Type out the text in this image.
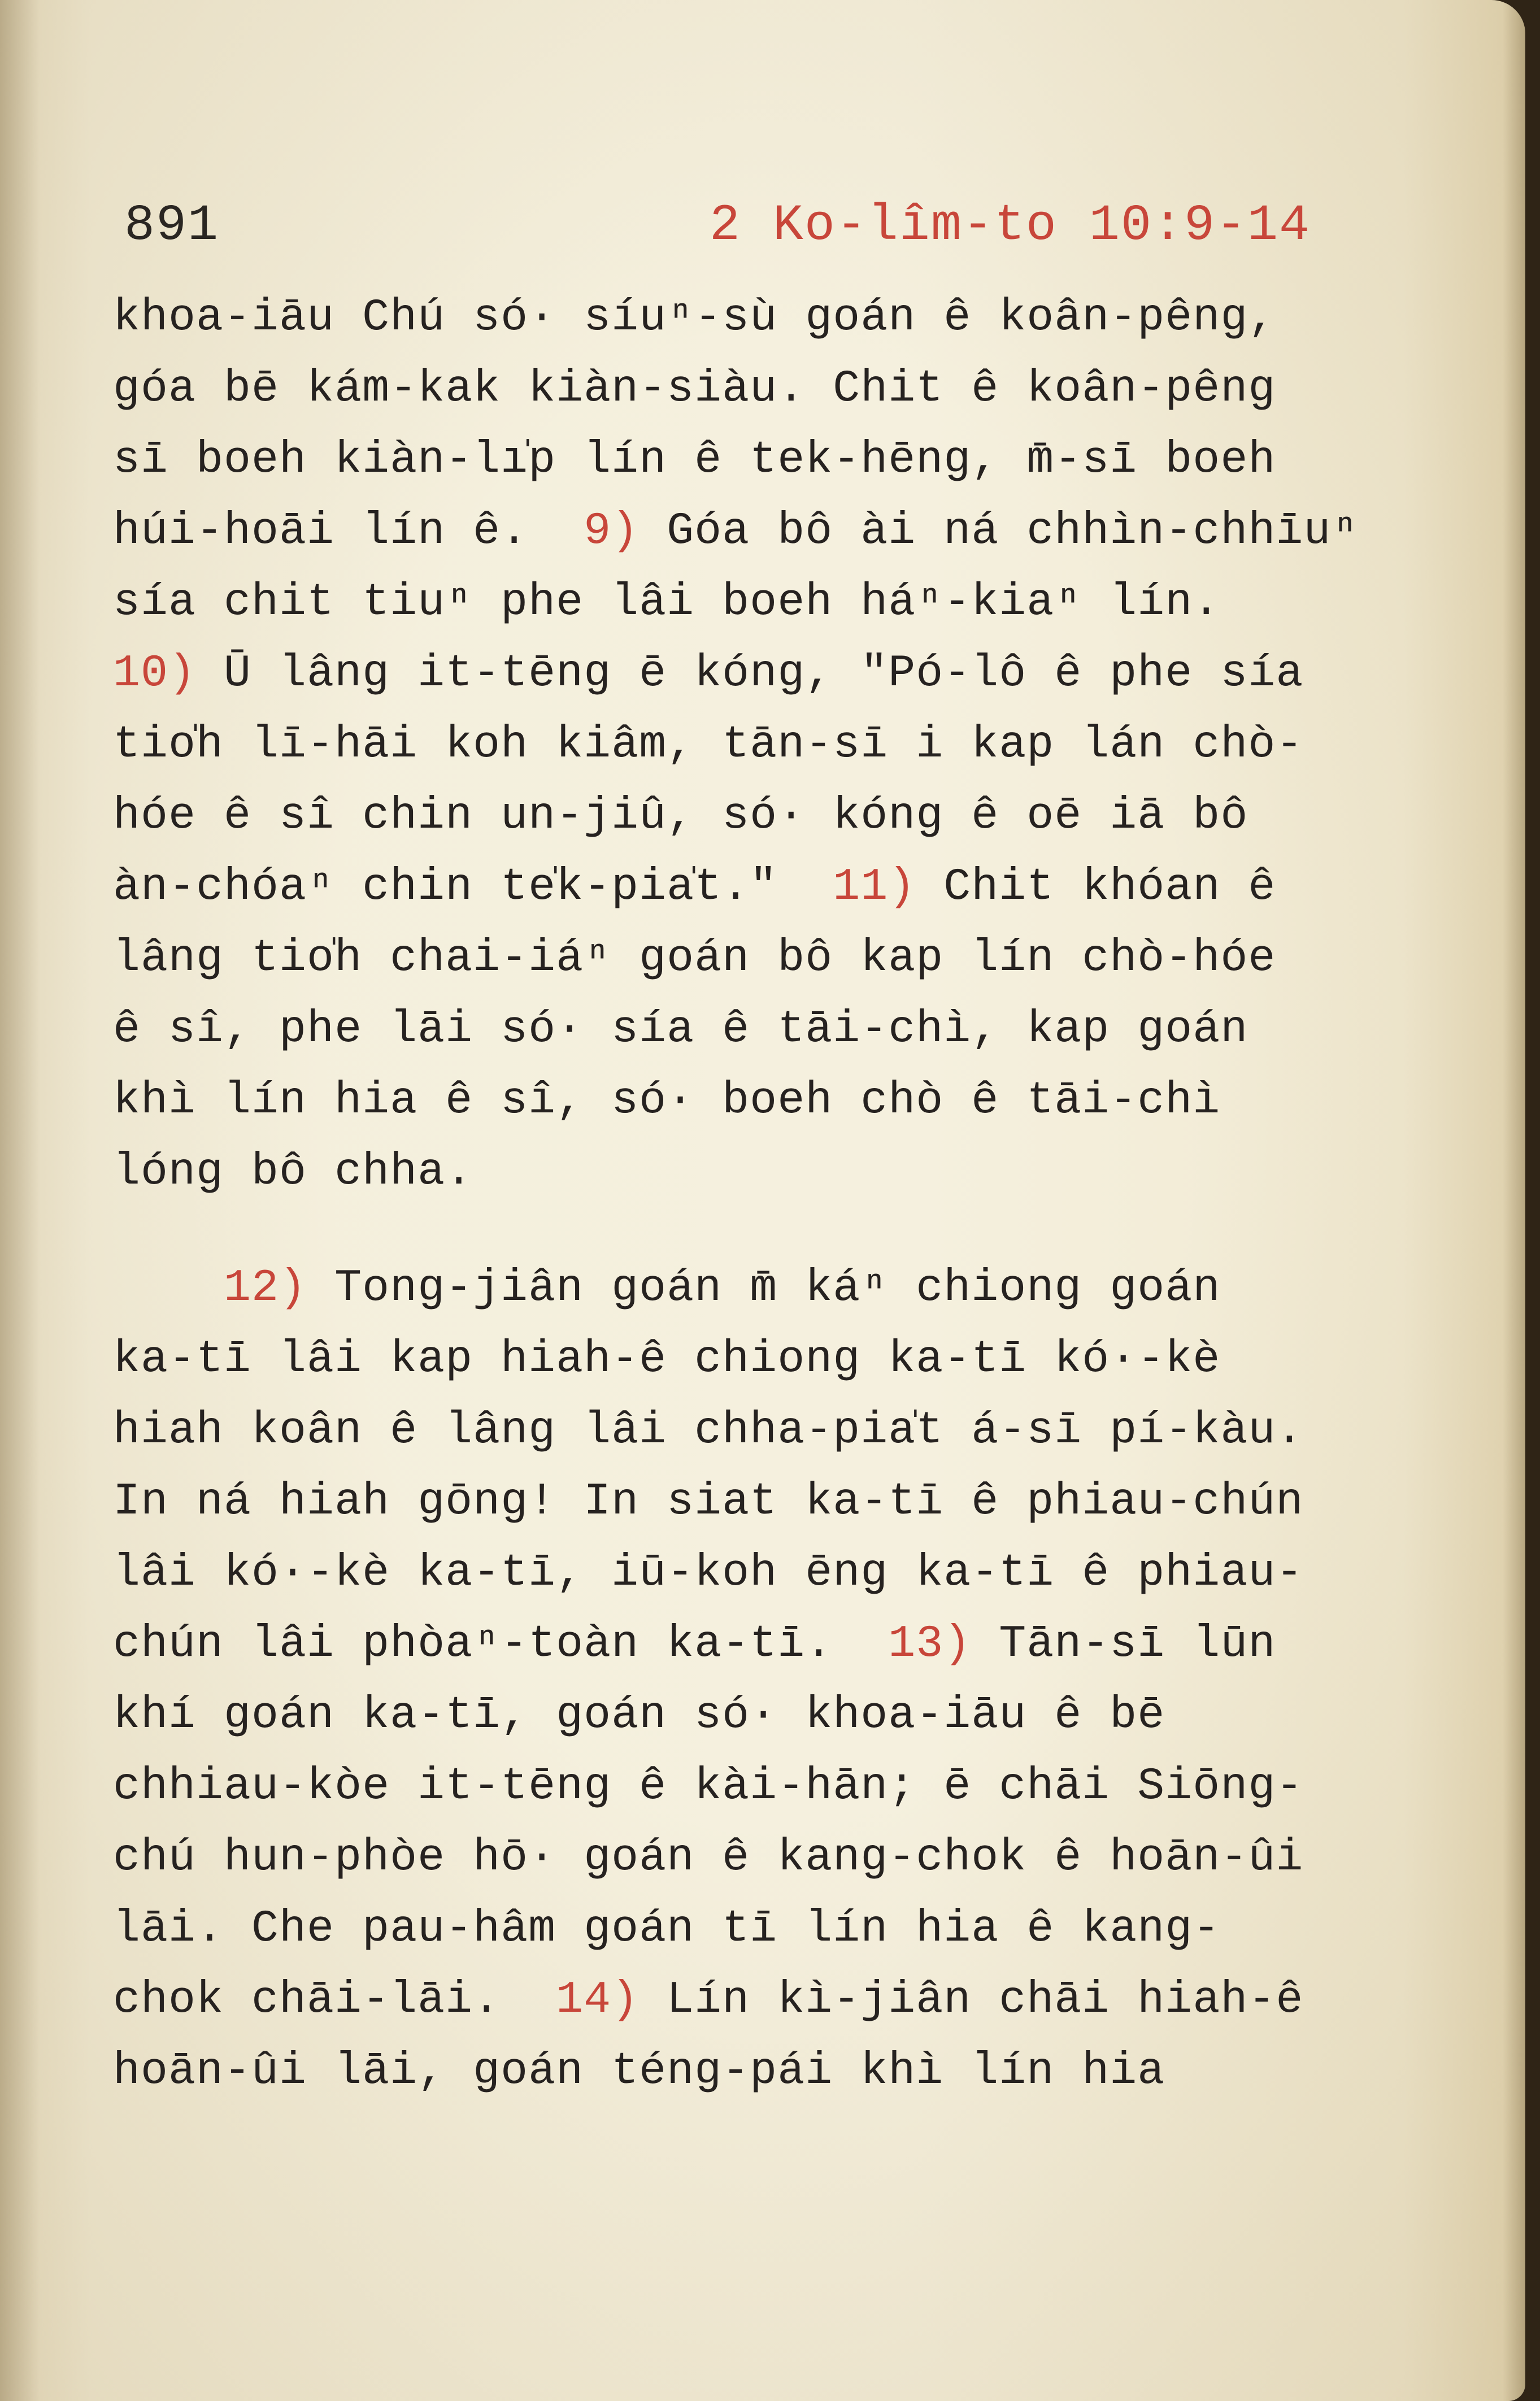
891	2 Ko-lîm-to 10:9-14
khoa-iāu Chú só· síuⁿ-sù goán ê koân-pêng,
góa bē kám-kak kiàn-siàu. Chit ê koân-pêng
sī boeh kiàn-lı̍p lín ê tek-hēng, m̄-sī boeh
húi-hoāi lín ê.  9) Góa bô ài ná chhìn-chhīuⁿ
sía chit tiuⁿ phe lâi boeh háⁿ-kiaⁿ lín.
10) Ū lâng it-tēng ē kóng, "Pó-lô ê phe sía
tio̍h lī-hāi koh kiâm, tān-sī i kap lán chò-
hóe ê sî chin un-jiû, só· kóng ê oē iā bô
àn-chóaⁿ chin te̍k-pia̍t."  11) Chit khóan ê
lâng tio̍h chai-iáⁿ goán bô kap lín chò-hóe
ê sî, phe lāi só· sía ê tāi-chì, kap goán
khì lín hia ê sî, só· boeh chò ê tāi-chì
lóng bô chha.
12) Tong-jiân goán m̄ káⁿ chiong goán
ka-tī lâi kap hiah-ê chiong ka-tī kó·-kè
hiah koân ê lâng lâi chha-pia̍t á-sī pí-kàu.
In ná hiah gōng! In siat ka-tī ê phiau-chún
lâi kó·-kè ka-tī, iū-koh ēng ka-tī ê phiau-
chún lâi phòaⁿ-toàn ka-tī.  13) Tān-sī lūn
khí goán ka-tī, goán só· khoa-iāu ê bē
chhiau-kòe it-tēng ê kài-hān; ē chāi Siōng-
chú hun-phòe hō· goán ê kang-chok ê hoān-ûi
lāi. Che pau-hâm goán tī lín hia ê kang-
chok chāi-lāi.  14) Lín kì-jiân chāi hiah-ê
hoān-ûi lāi, goán téng-pái khì lín hia
